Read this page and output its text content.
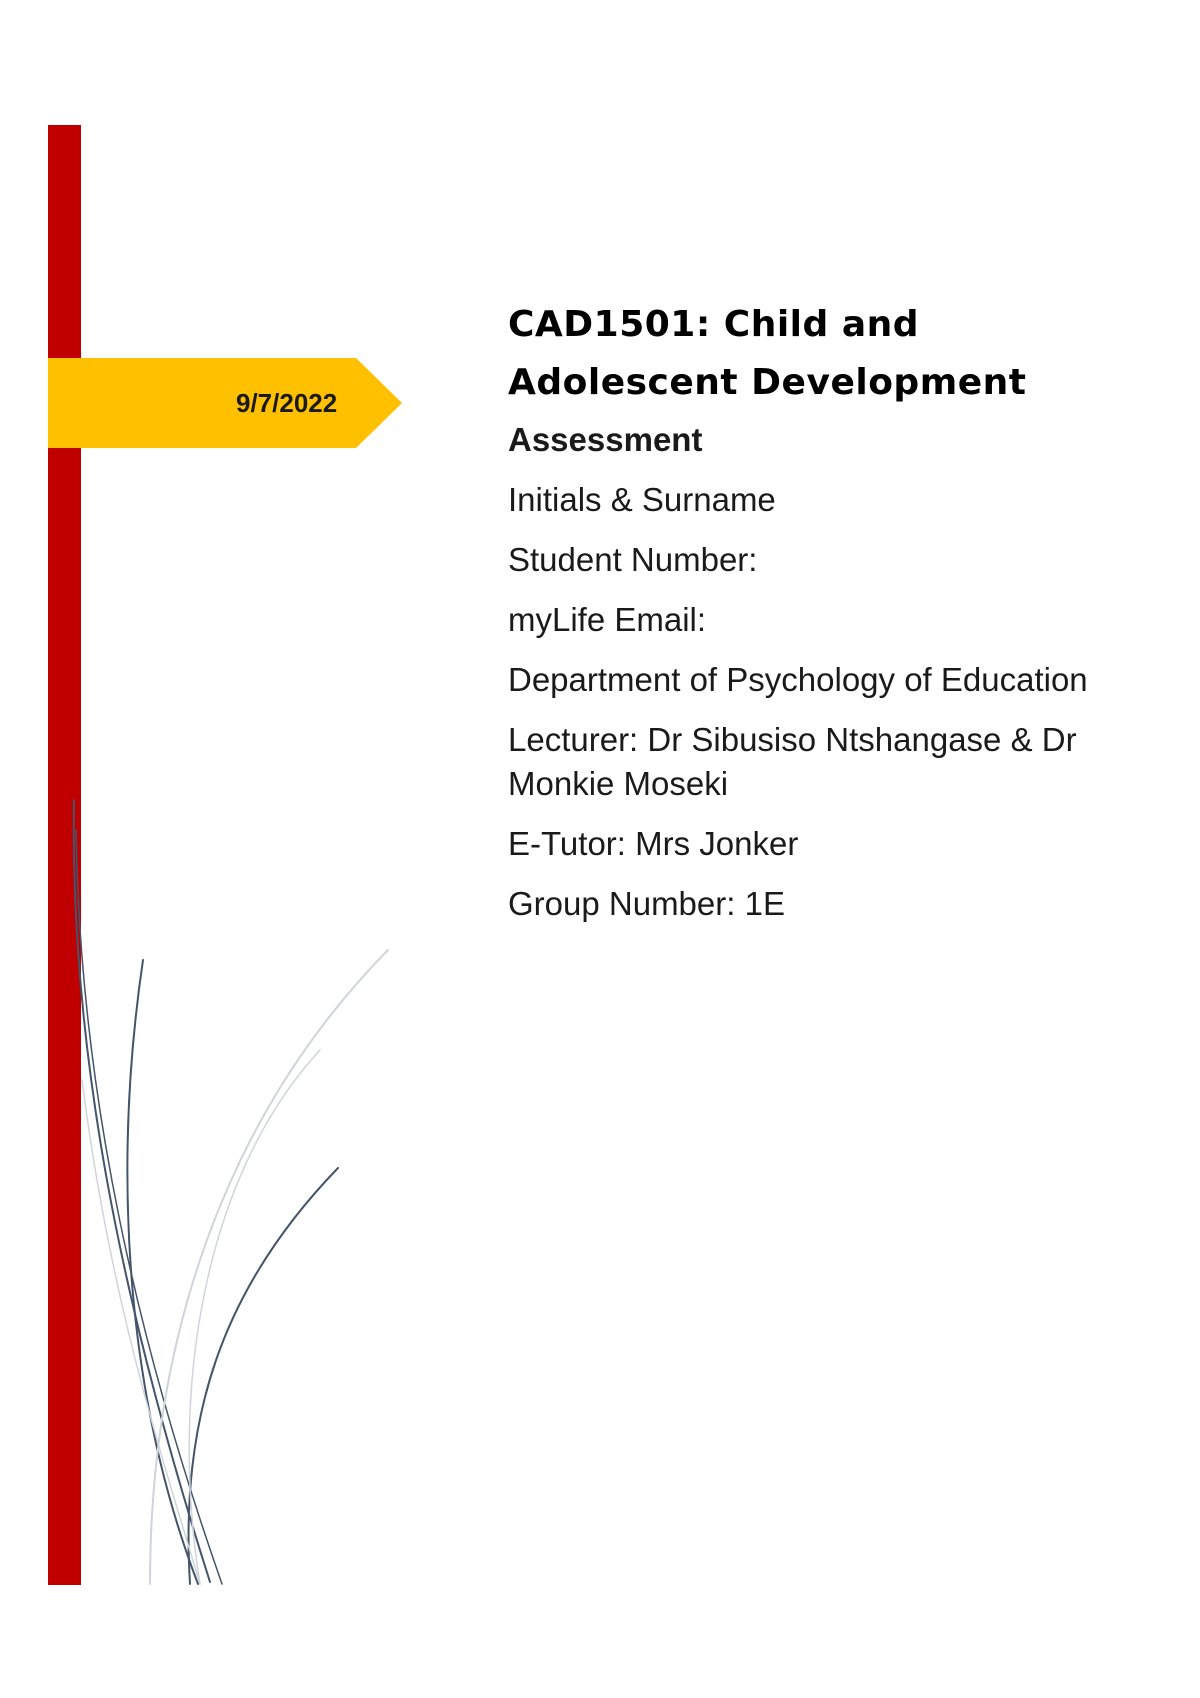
9/7/2022
CAD1501: Child and Adolescent Development

Assessment

Initials & Surname

Student Number:

myLife Email:

Department of Psychology of Education

Lecturer: Dr Sibusiso Ntshangase & Dr Monkie Moseki

E-Tutor: Mrs Jonker

Group Number: 1E
